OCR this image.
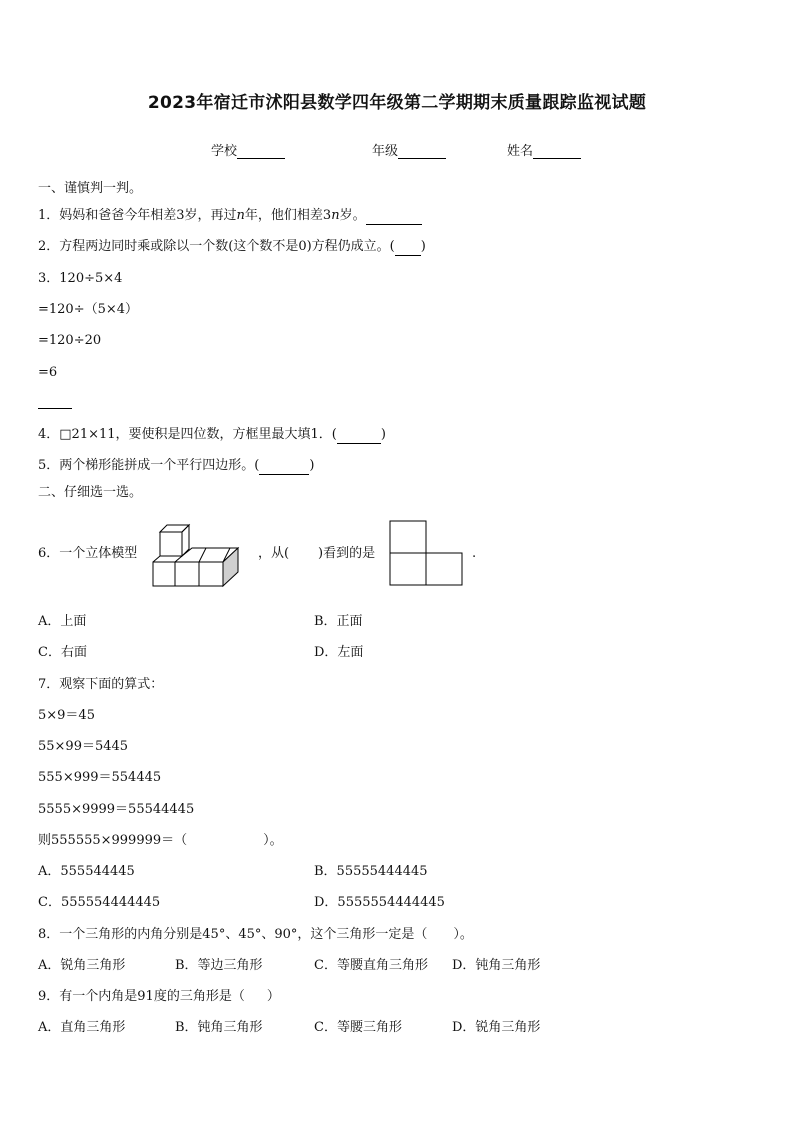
2023年宿迁市沭阳县数学四年级第二学期期末质量跟踪监视试题
学校	年级	姓名
一、谨慎判一判。
1．妈妈和爸爸今年相差3岁，再过n年，他们相差3n岁。
2．方程两边同时乘或除以一个数(这个数不是0)方程仍成立。( )
3．120÷5×4
=120÷（5×4）
=120÷20
=6
4．□21×11，要使积是四位数，方框里最大填1．(	)
5．两个梯形能拼成一个平行四边形。(	)
二、仔细选一选。
6．一个立体模型	，从( )看到的是	.
A．上面	B．正面
C．右面	D．左面
7．观察下面的算式：
5×9＝45
55×99＝5445
555×999＝554445
5555×9999＝55544445
则555555×999999＝（	）。
A．555544445	B．55555444445
C．555554444445	D．5555554444445
8．一个三角形的内角分别是45°、45°、90°，这个三角形一定是（ ）。
A．锐角三角形	B．等边三角形	C．等腰直角三角形 D．钝角三角形
9．有一个内角是91度的三角形是（ ）
A．直角三角形	B．钝角三角形	C．等腰三角形	D．锐角三角形
